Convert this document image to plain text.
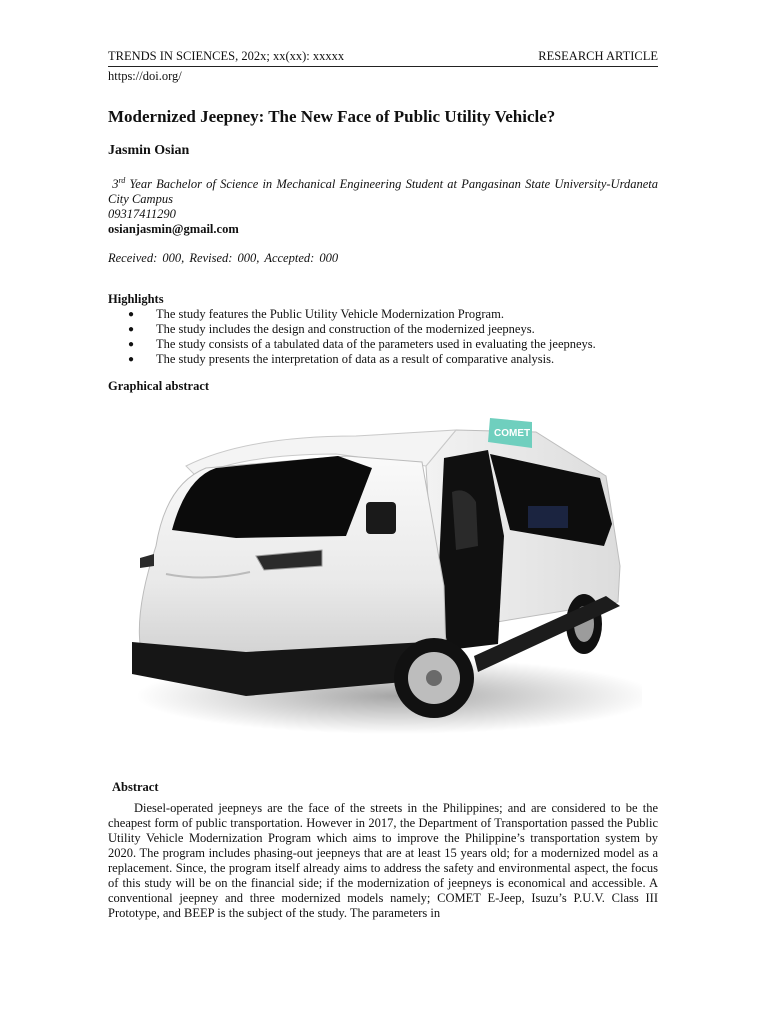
TRENDS IN SCIENCES, 202x; xx(xx): xxxxx	RESEARCH ARTICLE
https://doi.org/
Modernized Jeepney: The New Face of Public Utility Vehicle?
Jasmin Osian
3rd Year Bachelor of Science in Mechanical Engineering Student at Pangasinan State University-Urdaneta City Campus
09317411290
osianjasmin@gmail.com
Received: 000, Revised: 000, Accepted: 000
Highlights
● The study features the Public Utility Vehicle Modernization Program.
● The study includes the design and construction of the modernized jeepneys.
● The study consists of a tabulated data of the parameters used in evaluating the jeepneys.
● The study presents the interpretation of data as a result of comparative analysis.
Graphical abstract
COMET
Abstract
Diesel-operated jeepneys are the face of the streets in the Philippines; and are considered to be the cheapest form of public transportation. However in 2017, the Department of Transportation passed the Public Utility Vehicle Modernization Program which aims to improve the Philippine’s transportation system by 2020. The program includes phasing-out jeepneys that are at least 15 years old; for a modernized model as a replacement. Since, the program itself already aims to address the safety and environmental aspect, the focus of this study will be on the financial side; if the modernization of jeepneys is economical and accessible. A conventional jeepney and three modernized models namely; COMET E-Jeep, Isuzu’s P.U.V. Class III Prototype, and BEEP is the subject of the study. The parameters in
